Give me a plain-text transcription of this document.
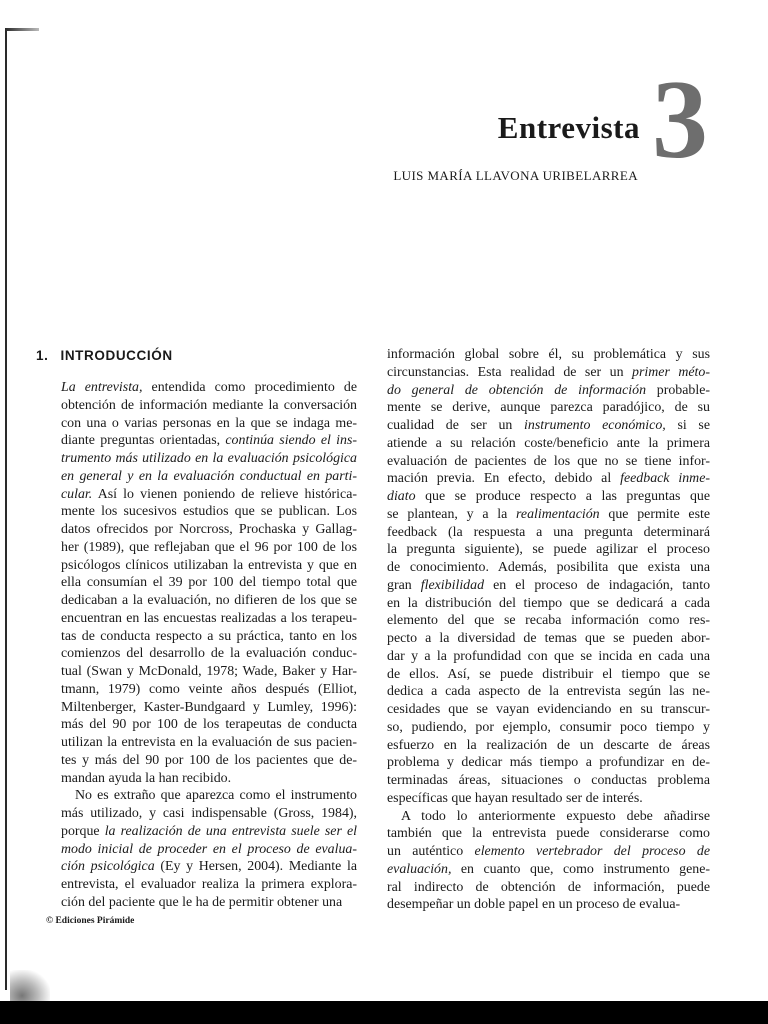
Entrevista 3
LUIS MARÍA LLAVONA URIBELARREA
1. INTRODUCCIÓN
La entrevista, entendida como procedimiento de
obtención de información mediante la conversación
con una o varias personas en la que se indaga me-
diante preguntas orientadas, continúa siendo el ins-
trumento más utilizado en la evaluación psicológica
en general y en la evaluación conductual en parti-
cular. Así lo vienen poniendo de relieve histórica-
mente los sucesivos estudios que se publican. Los
datos ofrecidos por Norcross, Prochaska y Gallag-
her (1989), que reflejaban que el 96 por 100 de los
psicólogos clínicos utilizaban la entrevista y que en
ella consumían el 39 por 100 del tiempo total que
dedicaban a la evaluación, no difieren de los que se
encuentran en las encuestas realizadas a los terapeu-
tas de conducta respecto a su práctica, tanto en los
comienzos del desarrollo de la evaluación conduc-
tual (Swan y McDonald, 1978; Wade, Baker y Har-
tmann, 1979) como veinte años después (Elliot,
Miltenberger, Kaster-Bundgaard y Lumley, 1996):
más del 90 por 100 de los terapeutas de conducta
utilizan la entrevista en la evaluación de sus pacien-
tes y más del 90 por 100 de los pacientes que de-
mandan ayuda la han recibido.
No es extraño que aparezca como el instrumento
más utilizado, y casi indispensable (Gross, 1984),
porque la realización de una entrevista suele ser el
modo inicial de proceder en el proceso de evalua-
ción psicológica (Ey y Hersen, 2004). Mediante la
entrevista, el evaluador realiza la primera explora-
ción del paciente que le ha de permitir obtener una
información global sobre él, su problemática y sus
circunstancias. Esta realidad de ser un primer méto-
do general de obtención de información probable-
mente se derive, aunque parezca paradójico, de su
cualidad de ser un instrumento económico, si se
atiende a su relación coste/beneficio ante la primera
evaluación de pacientes de los que no se tiene infor-
mación previa. En efecto, debido al feedback inme-
diato que se produce respecto a las preguntas que
se plantean, y a la realimentación que permite este
feedback (la respuesta a una pregunta determinará
la pregunta siguiente), se puede agilizar el proceso
de conocimiento. Además, posibilita que exista una
gran flexibilidad en el proceso de indagación, tanto
en la distribución del tiempo que se dedicará a cada
elemento del que se recaba información como res-
pecto a la diversidad de temas que se pueden abor-
dar y a la profundidad con que se incida en cada una
de ellos. Así, se puede distribuir el tiempo que se
dedica a cada aspecto de la entrevista según las ne-
cesidades que se vayan evidenciando en su transcur-
so, pudiendo, por ejemplo, consumir poco tiempo y
esfuerzo en la realización de un descarte de áreas
problema y dedicar más tiempo a profundizar en de-
terminadas áreas, situaciones o conductas problema
específicas que hayan resultado ser de interés.
A todo lo anteriormente expuesto debe añadirse
también que la entrevista puede considerarse como
un auténtico elemento vertebrador del proceso de
evaluación, en cuanto que, como instrumento gene-
ral indirecto de obtención de información, puede
desempeñar un doble papel en un proceso de evalua-
© Ediciones Pirámide
